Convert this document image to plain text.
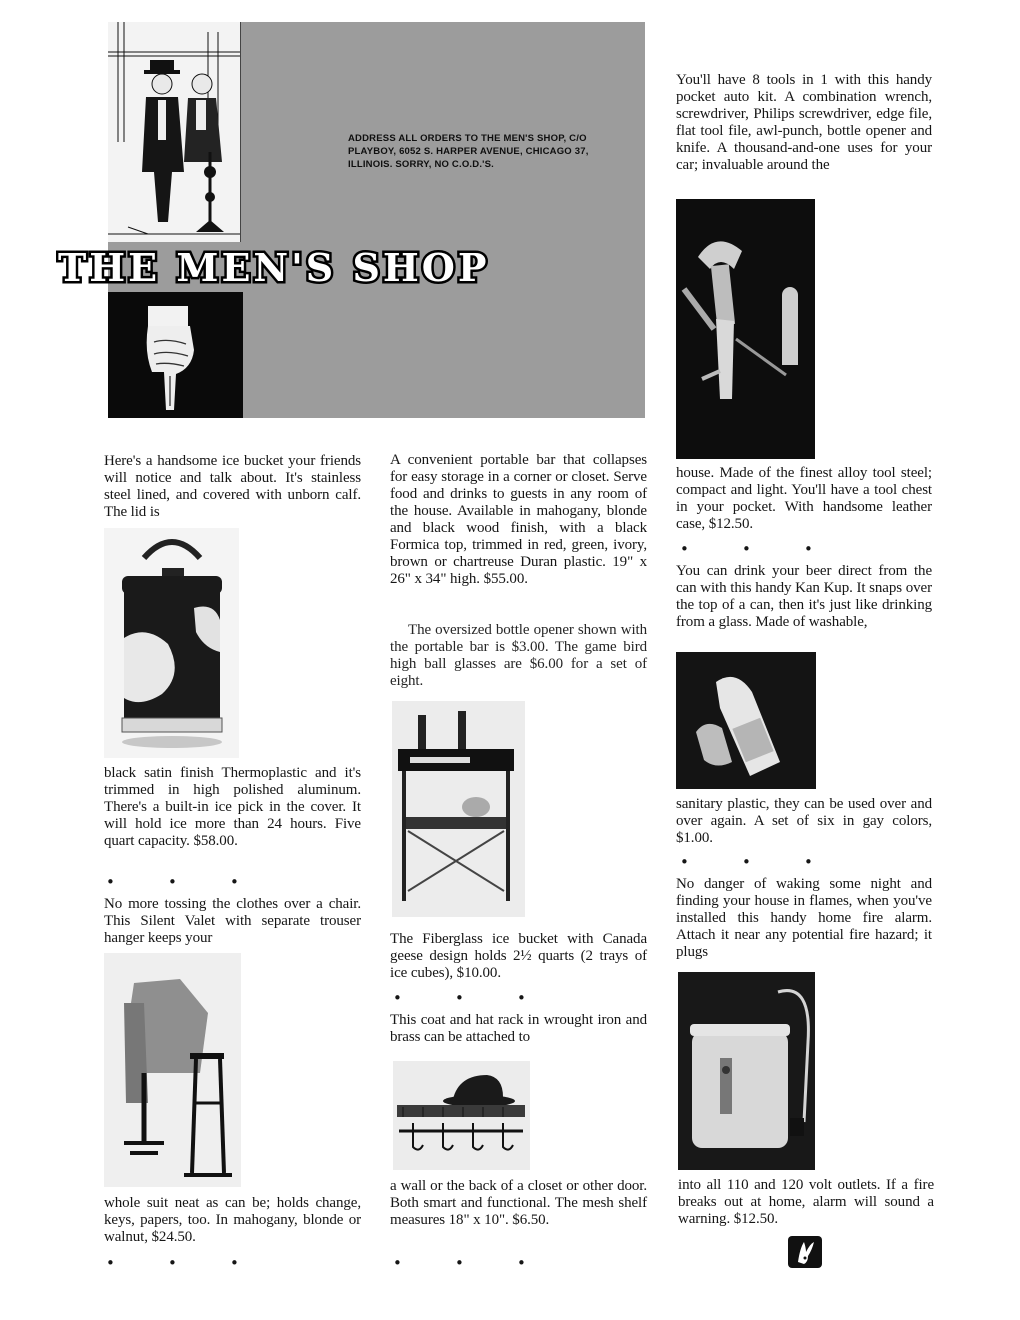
ADDRESS ALL ORDERS TO THE MEN'S SHOP, C/O PLAYBOY, 6052 S. HARPER AVENUE, CHICAGO 37, ILLINOIS. SORRY, NO C.O.D.'S.
THE MEN'S SHOP
Here's a handsome ice bucket your friends will notice and talk about. It's stainless steel lined, and covered with unborn calf. The lid is
black satin finish Thermoplastic and it's trimmed in high polished aluminum. There's a built-in ice pick in the cover. It will hold ice more than 24 hours. Five quart capacity. $58.00.
•	•	•
No more tossing the clothes over a chair. This Silent Valet with separate trouser hanger keeps your
whole suit neat as can be; holds change, keys, papers, too. In mahogany, blonde or walnut, $24.50.
•	•	•
A convenient portable bar that collapses for easy storage in a corner or closet. Serve food and drinks to guests in any room of the house. Available in mahogany, blonde and black wood finish, with a black Formica top, trimmed in red, green, ivory, brown or chartreuse Duran plastic. 19" x 26" x 34" high. $55.00.
The oversized bottle opener shown with the portable bar is $3.00. The game bird high ball glasses are $6.00 for a set of eight.
The Fiberglass ice bucket with Canada geese design holds 2½ quarts (2 trays of ice cubes), $10.00.
•	•	•
This coat and hat rack in wrought iron and brass can be attached to
a wall or the back of a closet or other door. Both smart and functional. The mesh shelf measures 18" x 10". $6.50.
•	•	•
You'll have 8 tools in 1 with this handy pocket auto kit. A combination wrench, screwdriver, Philips screwdriver, edge file, flat tool file, awl-punch, bottle opener and knife. A thousand-and-one uses for your car; invaluable around the
house. Made of the finest alloy tool steel; compact and light. You'll have a tool chest in your pocket. With handsome leather case, $12.50.
•	•	•
You can drink your beer direct from the can with this handy Kan Kup. It snaps over the top of a can, then it's just like drinking from a glass. Made of washable,
sanitary plastic, they can be used over and over again. A set of six in gay colors, $1.00.
•	•	•
No danger of waking some night and finding your house in flames, when you've installed this handy home fire alarm. Attach it near any potential fire hazard; it plugs
into all 110 and 120 volt outlets. If a fire breaks out at home, alarm will sound a warning. $12.50.
